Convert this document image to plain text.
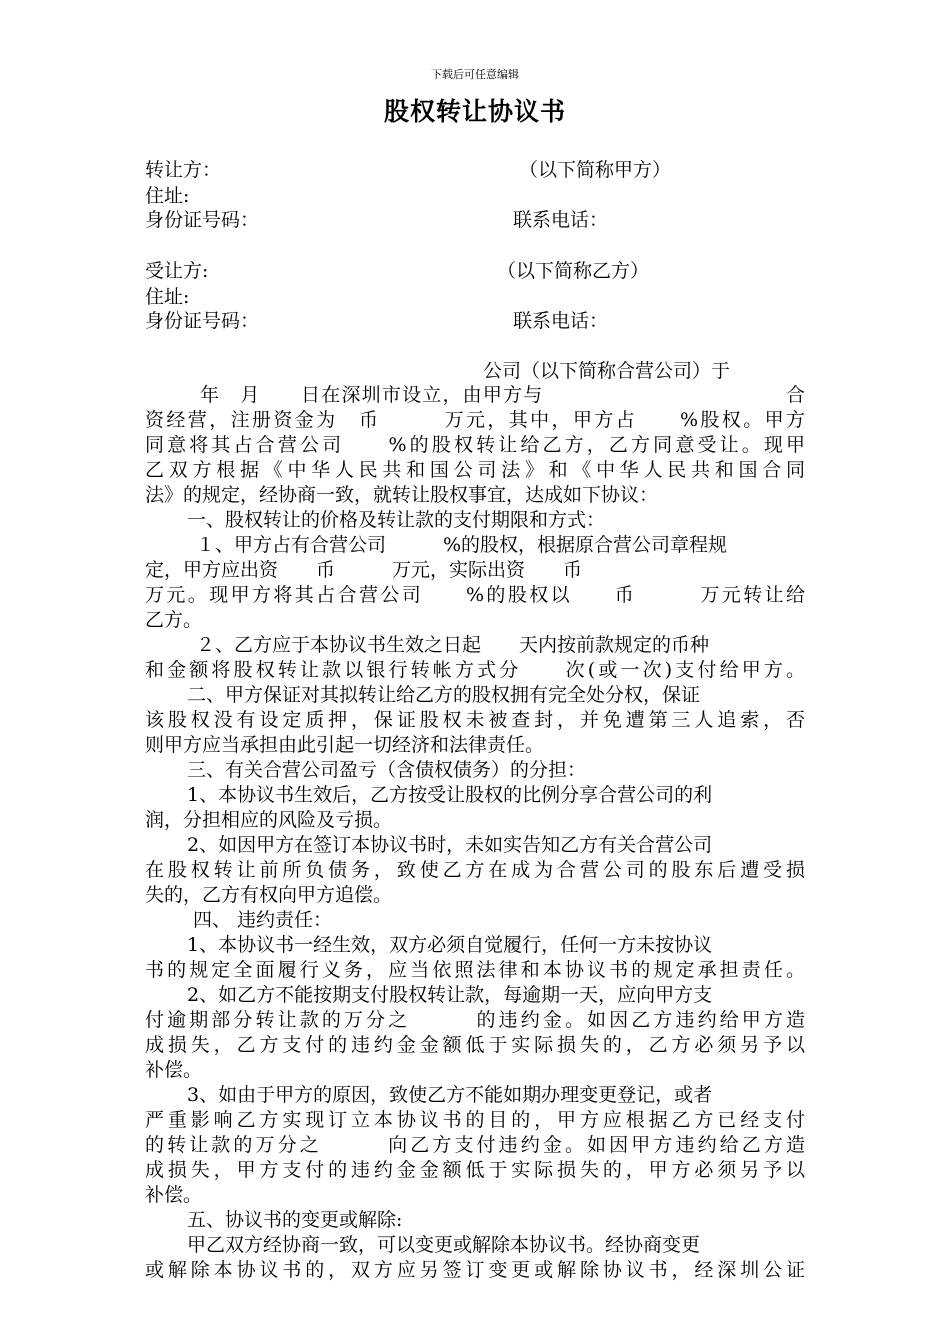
下载后可任意编辑
股权转让协议书
转让方：	（以下简称甲方）
住址:
身份证号码：	联系电话：
受让方:	（以下简称乙方）
住址:
身份证号码：	联系电话：
公司（以下简称合营公司）于
年　月　　日在深圳市设立，由甲方与　　　　　　　　　　　　合
资经营，注册资金为　币　　　万元，其中，甲方占　　%股权。甲方
同意将其占合营公司　　%的股权转让给乙方，乙方同意受让。现甲
乙双方根据《中华人民共和国公司法》和《中华人民共和国合同
法》的规定，经协商一致，就转让股权事宜，达成如下协议：
一、股权转让的价格及转让款的支付期限和方式：
１、甲方占有合营公司　　　%的股权，根据原合营公司章程规
定，甲方应出资　　币　　　万元，实际出资　　币
万元。现甲方将其占合营公司　　%的股权以　　币　　　万元转让给
乙方。
２、乙方应于本协议书生效之日起　　天内按前款规定的币种
和金额将股权转让款以银行转帐方式分　　次(或一次)支付给甲方。
二、甲方保证对其拟转让给乙方的股权拥有完全处分权，保证
该股权没有设定质押，保证股权未被查封，并免遭第三人追索，否
则甲方应当承担由此引起一切经济和法律责任。
三、有关合营公司盈亏（含债权债务）的分担：
1、本协议书生效后，乙方按受让股权的比例分享合营公司的利
润，分担相应的风险及亏损。
2、如因甲方在签订本协议书时，未如实告知乙方有关合营公司
在股权转让前所负债务，致使乙方在成为合营公司的股东后遭受损
失的，乙方有权向甲方追偿。
四、 违约责任：
1、本协议书一经生效，双方必须自觉履行，任何一方未按协议
书的规定全面履行义务，应当依照法律和本协议书的规定承担责任。
2、如乙方不能按期支付股权转让款，每逾期一天，应向甲方支
付逾期部分转让款的万分之　　　的违约金。如因乙方违约给甲方造
成损失，乙方支付的违约金金额低于实际损失的，乙方必须另予以
补偿。
3、如由于甲方的原因，致使乙方不能如期办理变更登记，或者
严重影响乙方实现订立本协议书的目的，甲方应根据乙方已经支付
的转让款的万分之　　　向乙方支付违约金。如因甲方违约给乙方造
成损失，甲方支付的违约金金额低于实际损失的，甲方必须另予以
补偿。
五、协议书的变更或解除:
甲乙双方经协商一致，可以变更或解除本协议书。经协商变更
或解除本协议书的，双方应另签订变更或解除协议书，经深圳公证
